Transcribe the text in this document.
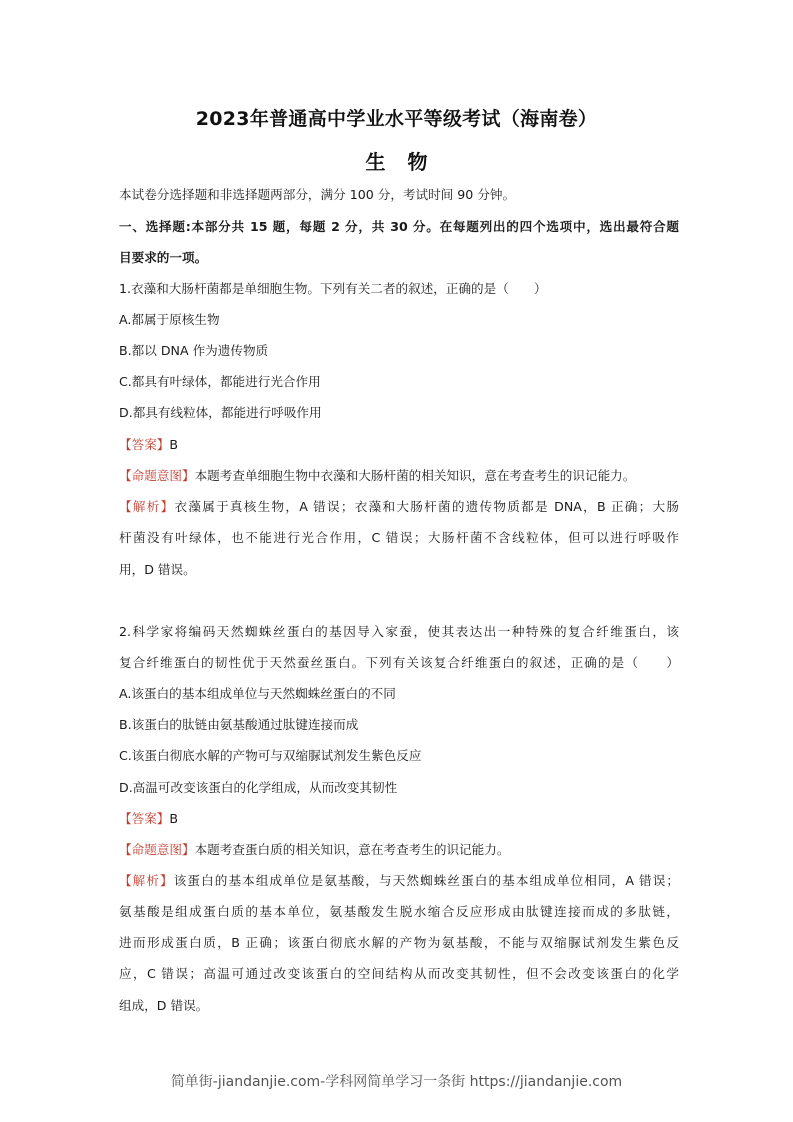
2023年普通高中学业水平等级考试（海南卷）
生 物
本试卷分选择题和非选择题两部分，满分 100 分，考试时间 90 分钟。
一、选择题:本部分共 15 题，每题 2 分，共 30 分。在每题列出的四个选项中，选出最符合题
目要求的一项。
1.衣藻和大肠杆菌都是单细胞生物。下列有关二者的叙述，正确的是（　　）
A.都属于原核生物
B.都以 DNA 作为遗传物质
C.都具有叶绿体，都能进行光合作用
D.都具有线粒体，都能进行呼吸作用
【答案】B
【命题意图】本题考查单细胞生物中衣藻和大肠杆菌的相关知识，意在考查考生的识记能力。
【解析】衣藻属于真核生物，A 错误；衣藻和大肠杆菌的遗传物质都是 DNA，B 正确；大肠
杆菌没有叶绿体，也不能进行光合作用，C 错误；大肠杆菌不含线粒体，但可以进行呼吸作
用，D 错误。
2.科学家将编码天然蜘蛛丝蛋白的基因导入家蚕，使其表达出一种特殊的复合纤维蛋白，该
复合纤维蛋白的韧性优于天然蚕丝蛋白。下列有关该复合纤维蛋白的叙述，正确的是（　　）
A.该蛋白的基本组成单位与天然蜘蛛丝蛋白的不同
B.该蛋白的肽链由氨基酸通过肽键连接而成
C.该蛋白彻底水解的产物可与双缩脲试剂发生紫色反应
D.高温可改变该蛋白的化学组成，从而改变其韧性
【答案】B
【命题意图】本题考查蛋白质的相关知识，意在考查考生的识记能力。
【解析】该蛋白的基本组成单位是氨基酸，与天然蜘蛛丝蛋白的基本组成单位相同，A 错误；
氨基酸是组成蛋白质的基本单位，氨基酸发生脱水缩合反应形成由肽键连接而成的多肽链，
进而形成蛋白质，B 正确；该蛋白彻底水解的产物为氨基酸，不能与双缩脲试剂发生紫色反
应，C 错误；高温可通过改变该蛋白的空间结构从而改变其韧性，但不会改变该蛋白的化学
组成，D 错误。
简单街-jiandanjie.com-学科网简单学习一条街 https://jiandanjie.com
